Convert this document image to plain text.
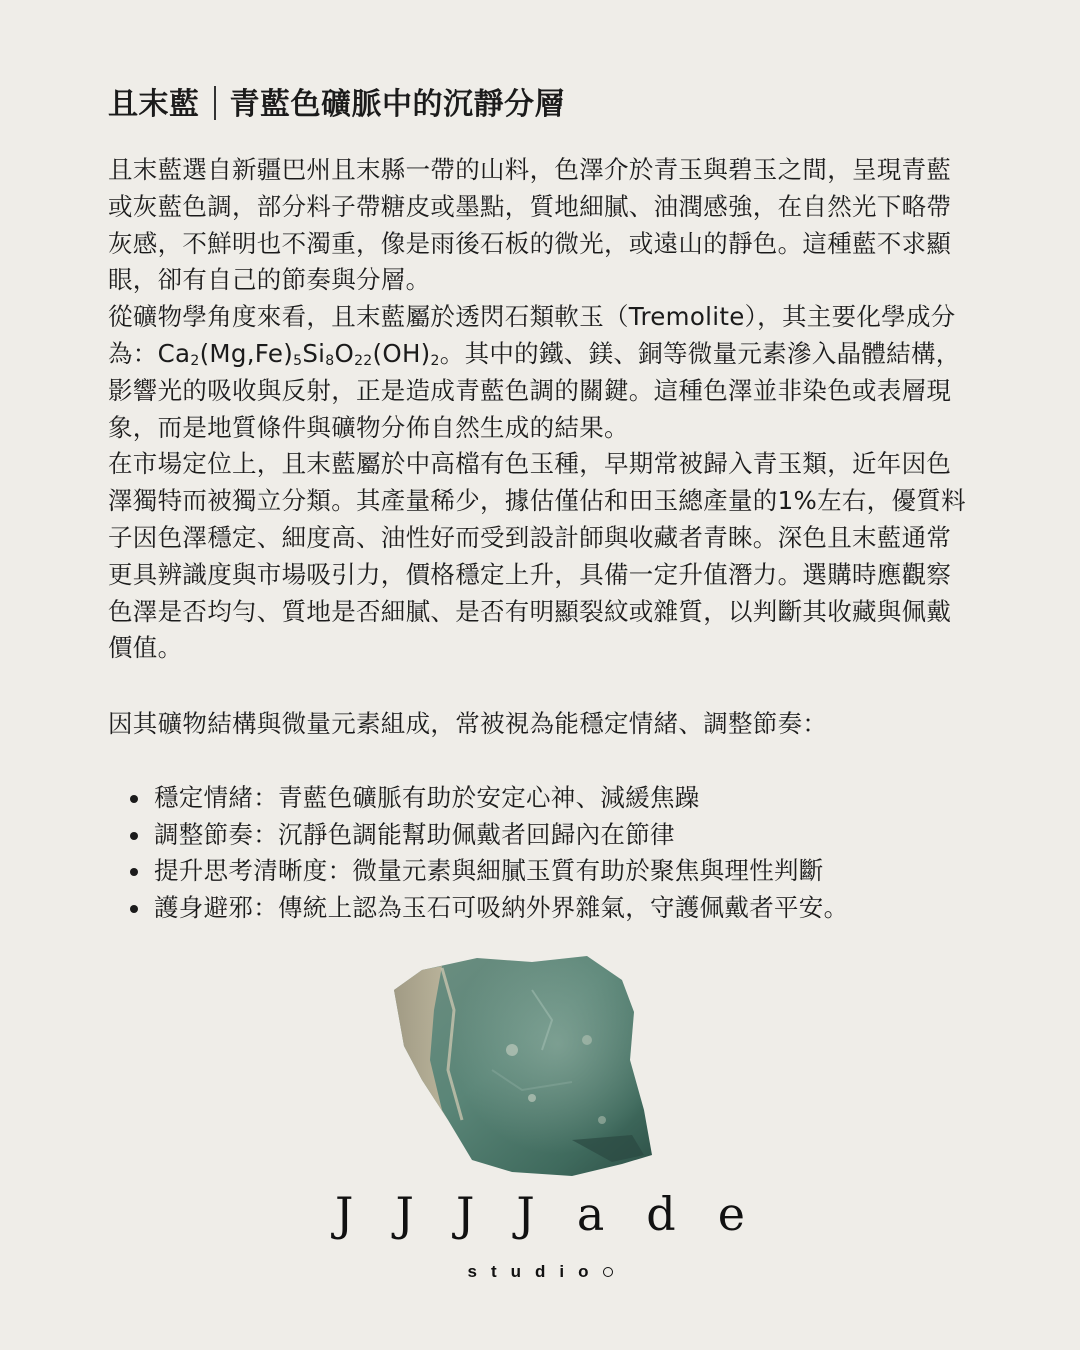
且末藍 青藍色礦脈中的沉靜分層

且末藍選自新疆巴州且末縣一帶的山料，色澤介於青玉與碧玉之間，呈現青藍或灰藍色調，部分料子帶糖皮或墨點，質地細膩、油潤感強，在自然光下略帶灰感，不鮮明也不濁重，像是雨後石板的微光，或遠山的靜色。這種藍不求顯眼，卻有自己的節奏與分層。

從礦物學角度來看，且末藍屬於透閃石類軟玉（Tremolite），其主要化學成分為：$Ca_2(Mg,Fe)_5Si_8O_{22}(OH)_2$。其中的鐵、鎂、銅等微量元素滲入晶體結構，影響光的吸收與反射，正是造成青藍色調的關鍵。這種色澤並非染色或表層現象，而是地質條件與礦物分佈自然生成的結果。

在市場定位上，且末藍屬於中高檔有色玉種，早期常被歸入青玉類，近年因色澤獨特而被獨立分類。其產量稀少，據估僅佔和田玉總產量的1%左右，優質料子因色澤穩定、細度高、油性好而受到設計師與收藏者青睞。深色且末藍通常更具辨識度與市場吸引力，價格穩定上升，具備一定升值潛力。選購時應觀察色澤是否均勻、質地是否細膩、是否有明顯裂紋或雜質，以判斷其收藏與佩戴價值。

因其礦物結構與微量元素組成，常被視為能穩定情緒、調整節奏：
穩定情緒：青藍色礦脈有助於安定心神、減緩焦躁
調整節奏：沉靜色調能幫助佩戴者回歸內在節律
提升思考清晰度：微量元素與細膩玉質有助於聚焦與理性判斷
護身避邪：傳統上認為玉石可吸納外界雜氣，守護佩戴者平安。
J J J J a d e
studio
